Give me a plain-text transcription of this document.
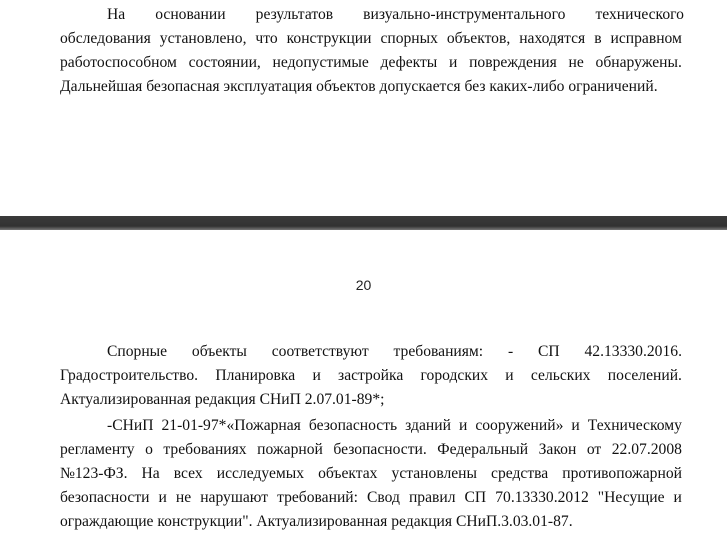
На основании результатов визуально-инструментального технического
обследования установлено, что конструкции спорных объектов, находятся в исправном
работоспособном состоянии, недопустимые дефекты и повреждения не обнаружены.
Дальнейшая безопасная эксплуатация объектов допускается без каких-либо ограничений.
20
Спорные объекты соответствуют требованиям: - СП 42.13330.2016.
Градостроительство. Планировка и застройка городских и сельских поселений.
Актуализированная редакция СНиП 2.07.01-89*;
-СНиП 21-01-97*«Пожарная безопасность зданий и сооружений» и Техническому
регламенту о требованиях пожарной безопасности. Федеральный Закон от 22.07.2008
№123-ФЗ. На всех исследуемых объектах установлены средства противопожарной
безопасности и не нарушают требований: Свод правил СП 70.13330.2012 "Несущие и
ограждающие конструкции". Актуализированная редакция СНиП.3.03.01-87.
